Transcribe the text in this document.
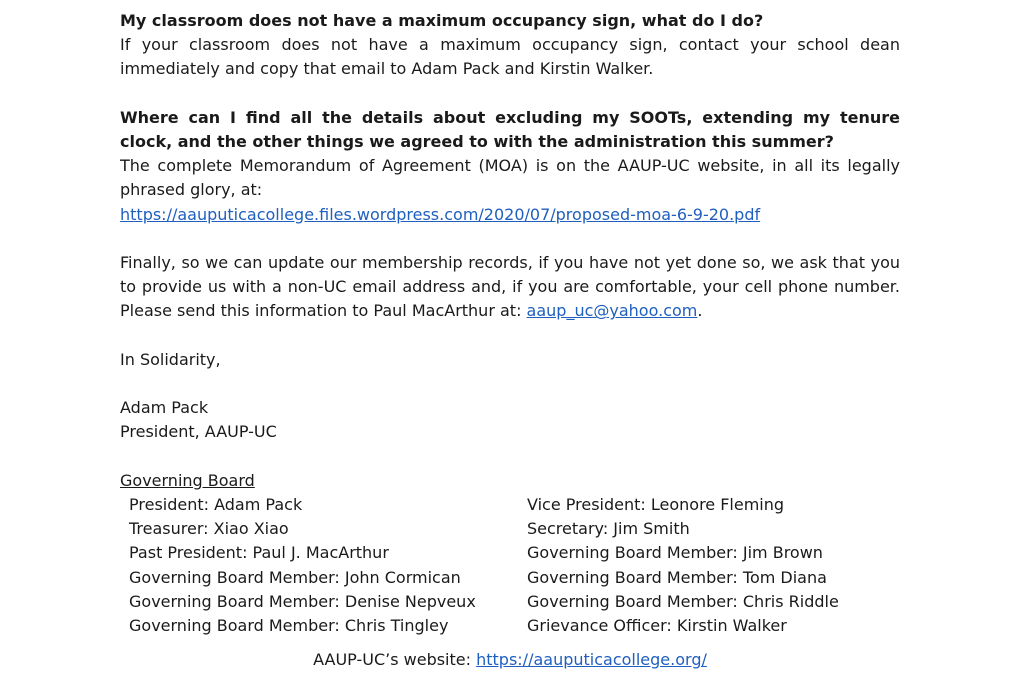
My classroom does not have a maximum occupancy sign, what do I do?

If your classroom does not have a maximum occupancy sign, contact your school dean immediately and copy that email to Adam Pack and Kirstin Walker.

Where can I find all the details about excluding my SOOTs, extending my tenure clock, and the other things we agreed to with the administration this summer?

The complete Memorandum of Agreement (MOA) is on the AAUP-UC website, in all its legally phrased glory, at:

https://aauputicacollege.files.wordpress.com/2020/07/proposed-moa-6-9-20.pdf

Finally, so we can update our membership records, if you have not yet done so, we ask that you to provide us with a non-UC email address and, if you are comfortable, your cell phone number. Please send this information to Paul MacArthur at: aaup_uc@yahoo.com.

In Solidarity,

Adam Pack

President, AAUP-UC

Governing Board

President: Adam Pack	Vice President: Leonore Fleming
Treasurer: Xiao Xiao	Secretary: Jim Smith
Past President: Paul J. MacArthur	Governing Board Member: Jim Brown
Governing Board Member: John Cormican	Governing Board Member: Tom Diana
Governing Board Member: Denise Nepveux	Governing Board Member: Chris Riddle
Governing Board Member: Chris Tingley	Grievance Officer: Kirstin Walker
AAUP-UC’s website: https://aauputicacollege.org/
